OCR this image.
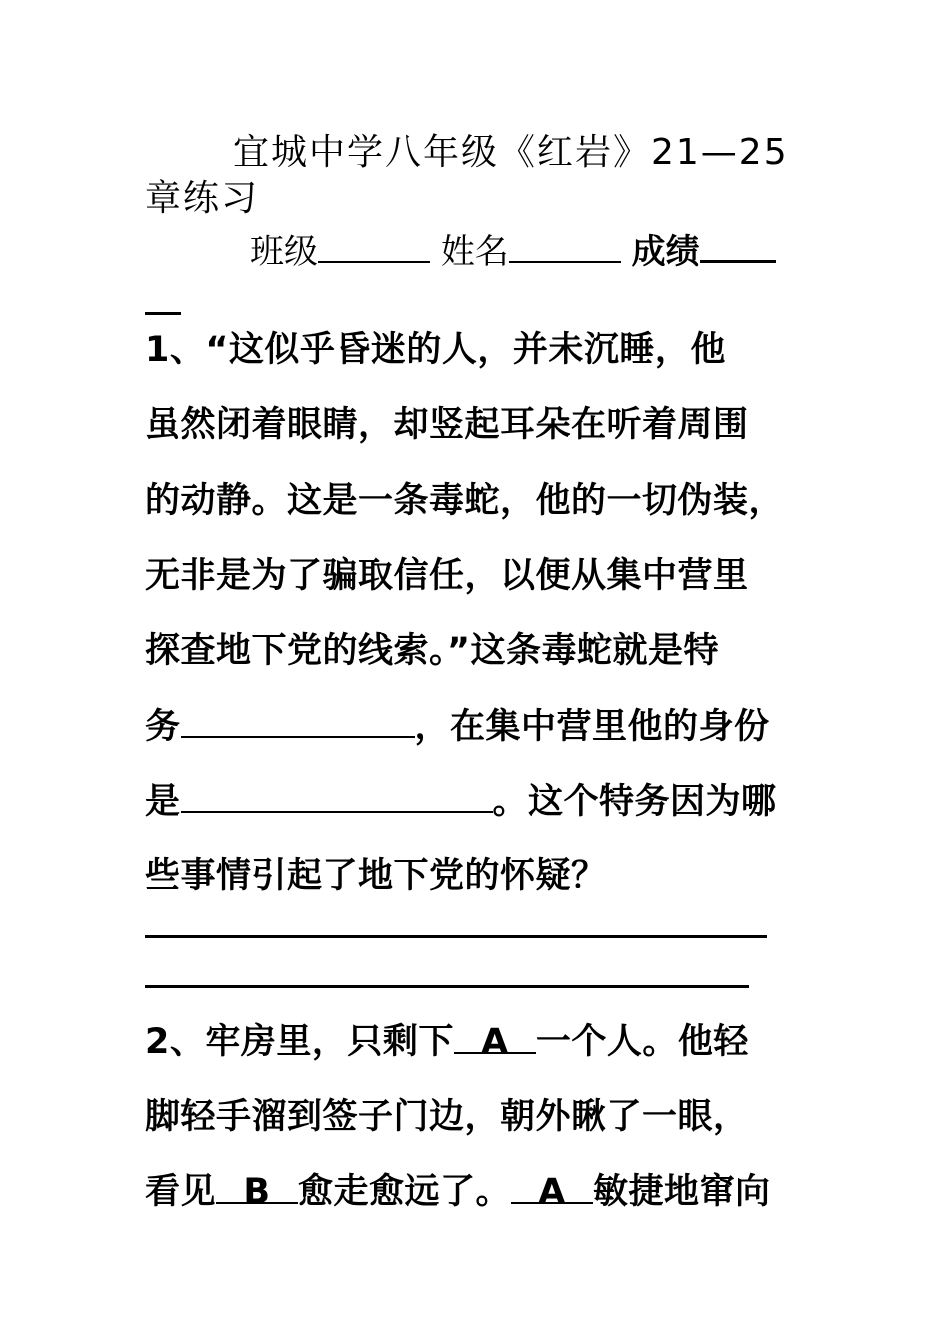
宜城中学八年级《红岩》21—25章练习
班级	姓名	成绩
1、“这似乎昏迷的人，并未沉睡，他
虽然闭着眼睛，却竖起耳朵在听着周围
的动静。这是一条毒蛇，他的一切伪装，
无非是为了骗取信任，以便从集中营里
探查地下党的线索。”这条毒蛇就是特
务	，在集中营里他的身份
是	。这个特务因为哪
些事情引起了地下党的怀疑？
2、牢房里，只剩下 A 一个人。他轻
脚轻手溜到签子门边，朝外瞅了一眼，
看见 B 愈走愈远了。 A 敏捷地窜向
